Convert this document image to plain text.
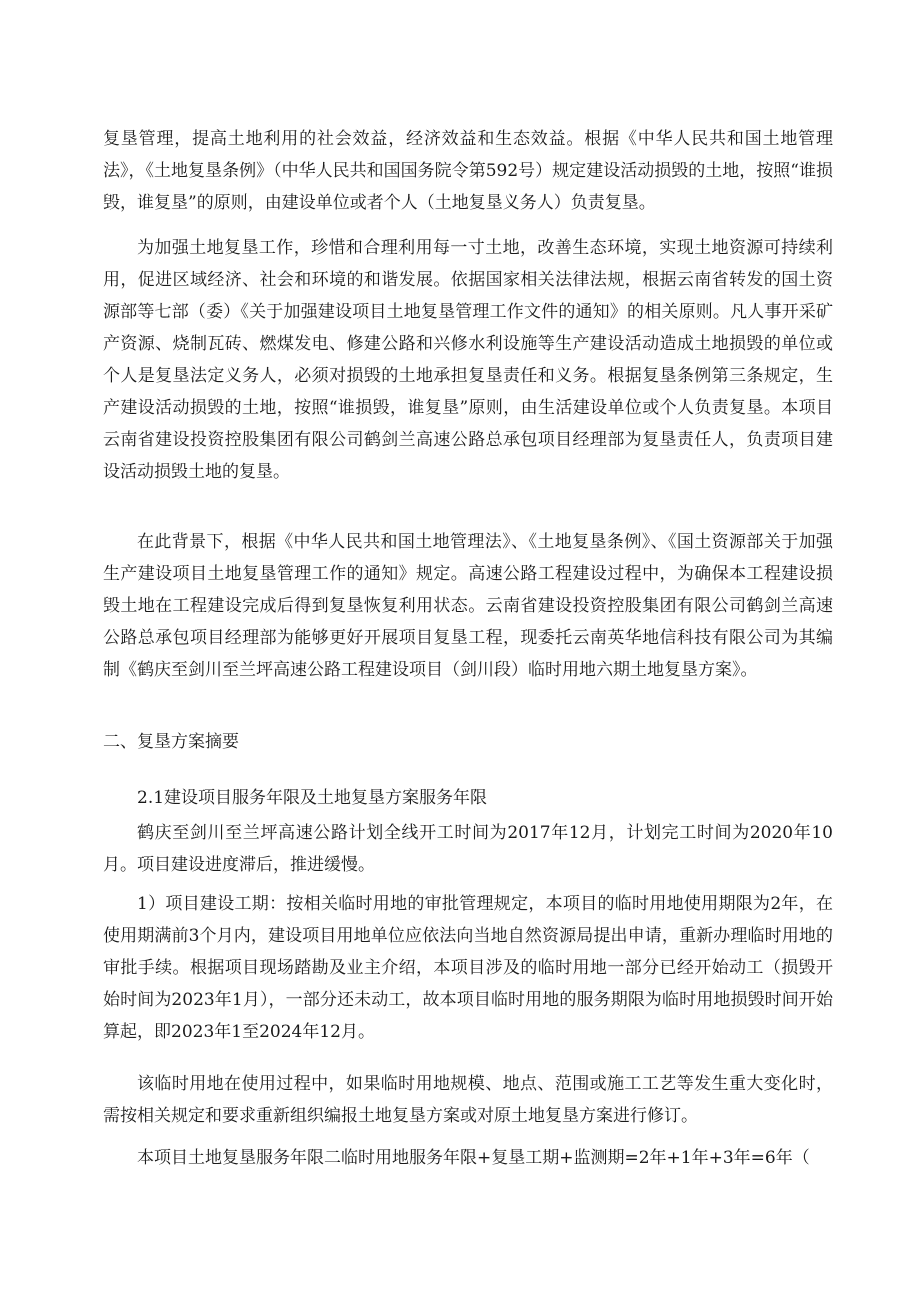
复垦管理，提高土地利用的社会效益，经济效益和生态效益。根据《中华人民共和国土地管理法》，《土地复垦条例》（中华人民共和国国务院令第592号）规定建设活动损毁的土地，按照“谁损毁，谁复垦”的原则，由建设单位或者个人（土地复垦义务人）负责复垦。

为加强土地复垦工作，珍惜和合理利用每一寸土地，改善生态环境，实现土地资源可持续利用，促进区域经济、社会和环境的和谐发展。依据国家相关法律法规，根据云南省转发的国土资源部等七部（委）《关于加强建设项目土地复垦管理工作文件的通知》的相关原则。凡人事开采矿产资源、烧制瓦砖、燃煤发电、修建公路和兴修水利设施等生产建设活动造成土地损毁的单位或个人是复垦法定义务人，必须对损毁的土地承担复垦责任和义务。根据复垦条例第三条规定，生产建设活动损毁的土地，按照“谁损毁，谁复垦”原则，由生活建设单位或个人负责复垦。本项目云南省建设投资控股集团有限公司鹤剑兰高速公路总承包项目经理部为复垦责任人，负责项目建设活动损毁土地的复垦。

在此背景下，根据《中华人民共和国土地管理法》、《土地复垦条例》、《国土资源部关于加强生产建设项目土地复垦管理工作的通知》规定。高速公路工程建设过程中，为确保本工程建设损毁土地在工程建设完成后得到复垦恢复利用状态。云南省建设投资控股集团有限公司鹤剑兰高速公路总承包项目经理部为能够更好开展项目复垦工程，现委托云南英华地信科技有限公司为其编制《鹤庆至剑川至兰坪高速公路工程建设项目（剑川段）临时用地六期土地复垦方案》。

二、复垦方案摘要

2.1建设项目服务年限及土地复垦方案服务年限

鹤庆至剑川至兰坪高速公路计划全线开工时间为2017年12月，计划完工时间为2020年10月。项目建设进度滞后，推进缓慢。

1）项目建设工期：按相关临时用地的审批管理规定，本项目的临时用地使用期限为2年，在使用期满前3个月内，建设项目用地单位应依法向当地自然资源局提出申请，重新办理临时用地的审批手续。根据项目现场踏勘及业主介绍，本项目涉及的临时用地一部分已经开始动工（损毁开始时间为2023年1月），一部分还未动工，故本项目临时用地的服务期限为临时用地损毁时间开始算起，即2023年1至2024年12月。

该临时用地在使用过程中，如果临时用地规模、地点、范围或施工工艺等发生重大变化时，需按相关规定和要求重新组织编报土地复垦方案或对原土地复垦方案进行修订。

本项目土地复垦服务年限二临时用地服务年限+复垦工期+监测期=2年+1年+3年=6年（
